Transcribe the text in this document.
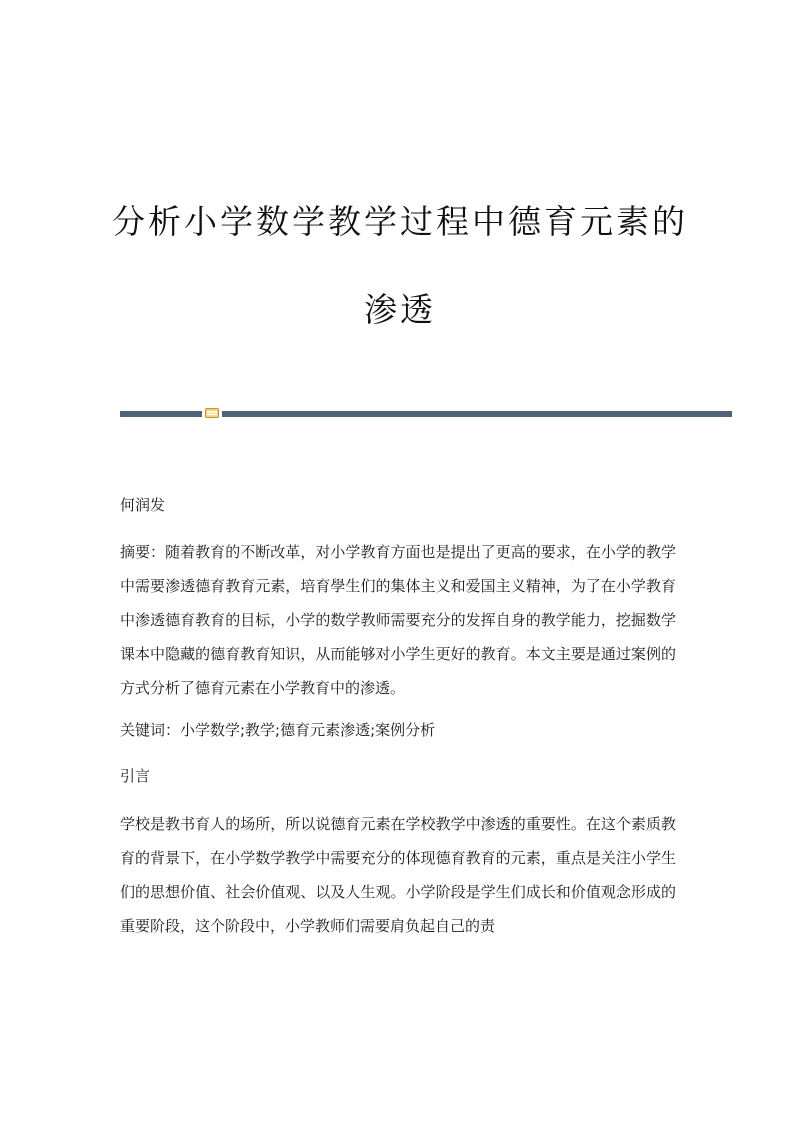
分析小学数学教学过程中德育元素的渗透

何润发

摘要：随着教育的不断改革，对小学教育方面也是提出了更高的要求，在小学的教学中需要渗透德育教育元素，培育學生们的集体主义和爱国主义精神，为了在小学教育中渗透德育教育的目标，小学的数学教师需要充分的发挥自身的教学能力，挖掘数学课本中隐藏的德育教育知识，从而能够对小学生更好的教育。本文主要是通过案例的方式分析了德育元素在小学教育中的渗透。

关键词：小学数学;教学;德育元素渗透;案例分析

引言

学校是教书育人的场所，所以说德育元素在学校教学中渗透的重要性。在这个素质教育的背景下，在小学数学教学中需要充分的体现德育教育的元素，重点是关注小学生们的思想价值、社会价值观、以及人生观。小学阶段是学生们成长和价值观念形成的重要阶段，这个阶段中，小学教师们需要肩负起自己的责
